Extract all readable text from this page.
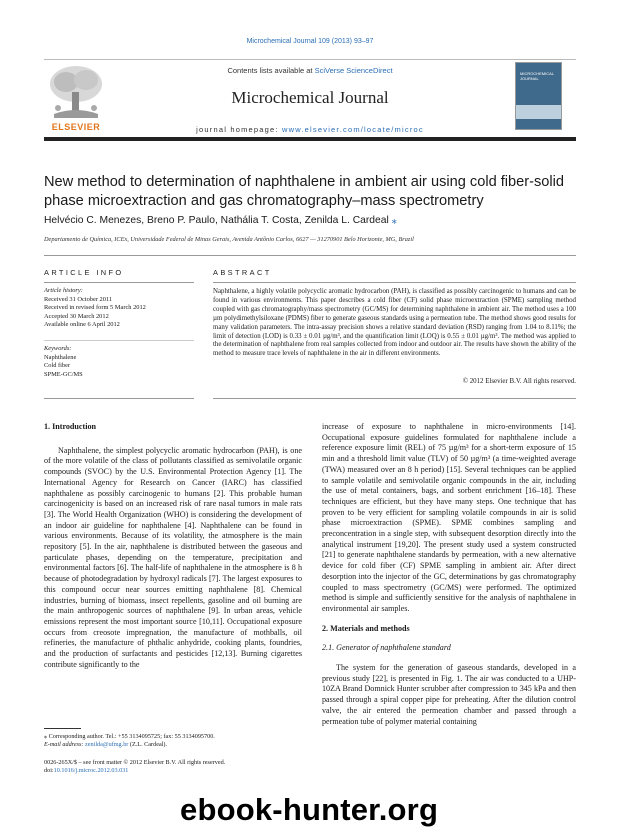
Microchemical Journal 109 (2013) 93–97
ELSEVIER
Contents lists available at SciVerse ScienceDirect
Microchemical Journal
journal homepage: www.elsevier.com/locate/microc
MICROCHEMICAL JOURNAL
New method to determination of naphthalene in ambient air using cold fiber-solid phase microextraction and gas chromatography–mass spectrometry
Helvécio C. Menezes, Breno P. Paulo, Nathália T. Costa, Zenilda L. Cardeal ⁎
Departamento de Química, ICEx, Universidade Federal de Minas Gerais, Avenida Antônio Carlos, 6627 — 31270901 Belo Horizonte, MG, Brazil
ARTICLE INFO	ABSTRACT
Article history:
Received 31 October 2011
Received in revised form 5 March 2012
Accepted 30 March 2012
Available online 6 April 2012
Keywords:
Naphthalene
Cold fiber
SPME-GC/MS
Naphthalene, a highly volatile polycyclic aromatic hydrocarbon (PAH), is classified as possibly carcinogenic to humans and can be found in various environments. This paper describes a cold fiber (CF) solid phase microextraction (SPME) sampling method coupled with gas chromatography/mass spectrometry (GC/MS) for determining naphthalene in ambient air. The method uses a 100 µm polydimethylsiloxane (PDMS) fiber to generate gaseous standards using a permeation tube. The method shows good results for many validation parameters. The intra-assay precision shows a relative standard deviation (RSD) ranging from 1.04 to 8.11%; the limit of detection (LOD) is 0.33 ± 0.01 µg/m³, and the quantification limit (LOQ) is 0.55 ± 0.01 µg/m³. The method was applied to the determination of naphthalene from real samples collected from indoor and outdoor air. The results have shown the ability of the method to measure trace levels of naphthalene in the air in different environments.
© 2012 Elsevier B.V. All rights reserved.
1. Introduction

Naphthalene, the simplest polycyclic aromatic hydrocarbon (PAH), is one of the more volatile of the class of pollutants classified as semivolatile organic compounds (SVOC) by the U.S. Environmental Protection Agency [1]. The International Agency for Research on Cancer (IARC) has classified naphthalene as possibly carcinogenic to humans [2]. This probable human carcinogenicity is based on an increased risk of rare nasal tumors in male rats [3]. The World Health Organization (WHO) is considering the development of an indoor air guideline for naphthalene [4]. Naphthalene can be found in various environments. Because of its volatility, the atmosphere is the main repository [5]. In the air, naphthalene is distributed between the gaseous and particulate phases, depending on the temperature, precipitation and environmental factors [6]. The half-life of naphthalene in the atmosphere is 8 h because of photodegradation by hydroxyl radicals [7]. The largest exposures to this compound occur near sources emitting naphthalene [8]. Chemical industries, burning of biomass, insect repellents, gasoline and oil burning are the main anthropogenic sources of naphthalene [9]. In urban areas, vehicle emissions represent the most important source [10,11]. Occupational exposure occurs from creosote impregnation, the manufacture of mothballs, oil refineries, the manufacture of phthalic anhydride, cooking plants, foundries, and the production of surfactants and pesticides [12,13]. Burning cigarettes contribute significantly to the

increase of exposure to naphthalene in micro-environments [14]. Occupational exposure guidelines formulated for naphthalene include a reference exposure limit (REL) of 75 µg/m³ for a short-term exposure of 15 min and a threshold limit value (TLV) of 50 µg/m³ (a time-weighted average (TWA) measured over an 8 h period) [15]. Several techniques can be applied to sample volatile and semivolatile organic compounds in the air, including the use of metal containers, bags, and sorbent enrichment [16–18]. These techniques are efficient, but they have many steps. One technique that has proven to be very efficient for sampling volatile compounds in air is solid phase microextraction (SPME). SPME combines sampling and preconcentration in a single step, with subsequent desorption directly into the analytical instrument [19,20]. The present study used a system constructed [21] to generate naphthalene standards by permeation, with a new alternative device for cold fiber (CF) SPME sampling in ambient air. After direct desorption into the injector of the GC, determinations by gas chromatography coupled to mass spectrometry (GC/MS) were performed. The optimized method is simple and sufficiently sensitive for the analysis of naphthalene in environmental air samples.

2. Materials and methods
2.1. Generator of naphthalene standard

The system for the generation of gaseous standards, developed in a previous study [22], is presented in Fig. 1. The air was conducted to a UHP-10ZA Brand Domnick Hunter scrubber after compression to 345 kPa and then passed through a spiral copper pipe for preheating. After the dilution control valve, the air entered the permeation chamber and passed through a permeation tube of polymer material containing

⁎ Corresponding author. Tel.: +55 3134095725; fax: 55 3134095700.
E-mail address: zenilda@ufmg.br (Z.L. Cardeal).
0026-265X/$ – see front matter © 2012 Elsevier B.V. All rights reserved.
doi:10.1016/j.microc.2012.03.031
ebook-hunter.org
